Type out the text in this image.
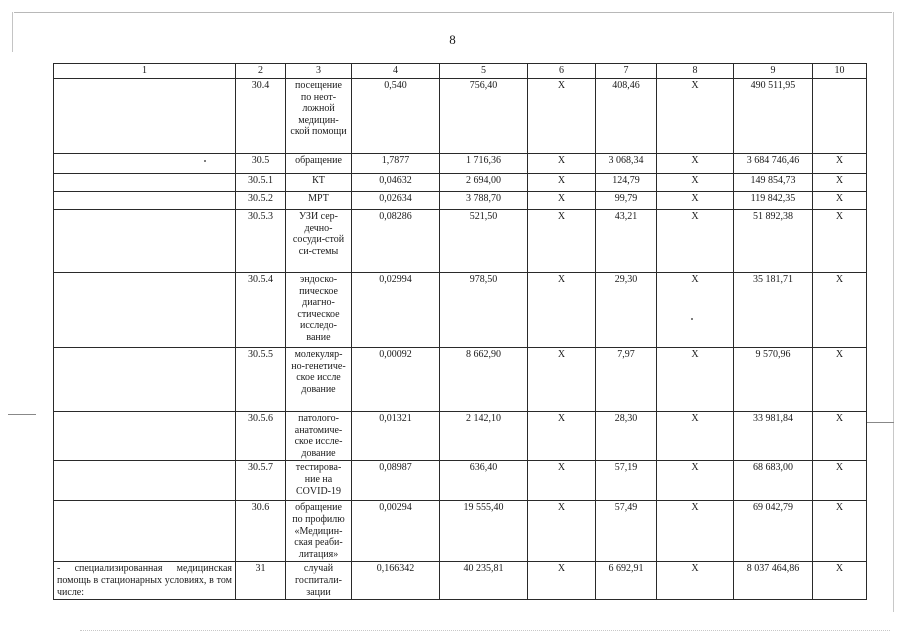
8
1	2	3	4	5	6	7	8	9	10
	30.4	посещение по неот-ложной медицин-ской помощи	0,540	756,40	X	408,46	X	490 511,95	
	30.5	обращение	1,7877	1 716,36	X	3 068,34	X	3 684 746,46	X
	30.5.1	КТ	0,04632	2 694,00	X	124,79	X	149 854,73	X
	30.5.2	МРТ	0,02634	3 788,70	X	99,79	X	119 842,35	X
	30.5.3	УЗИ сер-дечно-сосуди-стой си-стемы	0,08286	521,50	X	43,21	X	51 892,38	X
	30.5.4	эндоско-пическое диагно-стическое исследо-вание	0,02994	978,50	X	29,30	X	35 181,71	X
	30.5.5	молекуляр-но-генетиче-ское иссле дование	0,00092	8 662,90	X	7,97	X	9 570,96	X
	30.5.6	патолого-анатомиче-ское иссле-дование	0,01321	2 142,10	X	28,30	X	33 981,84	X
	30.5.7	тестирова-ние на COVID-19	0,08987	636,40	X	57,19	X	68 683,00	X
	30.6	обращение по профилю «Медицин-ская реаби-литация»	0,00294	19 555,40	X	57,49	X	69 042,79	X
- специализированная медицинская помощь в стационарных условиях, в том числе:	31	случай госпитали-зации	0,166342	40 235,81	X	6 692,91	X	8 037 464,86	X
